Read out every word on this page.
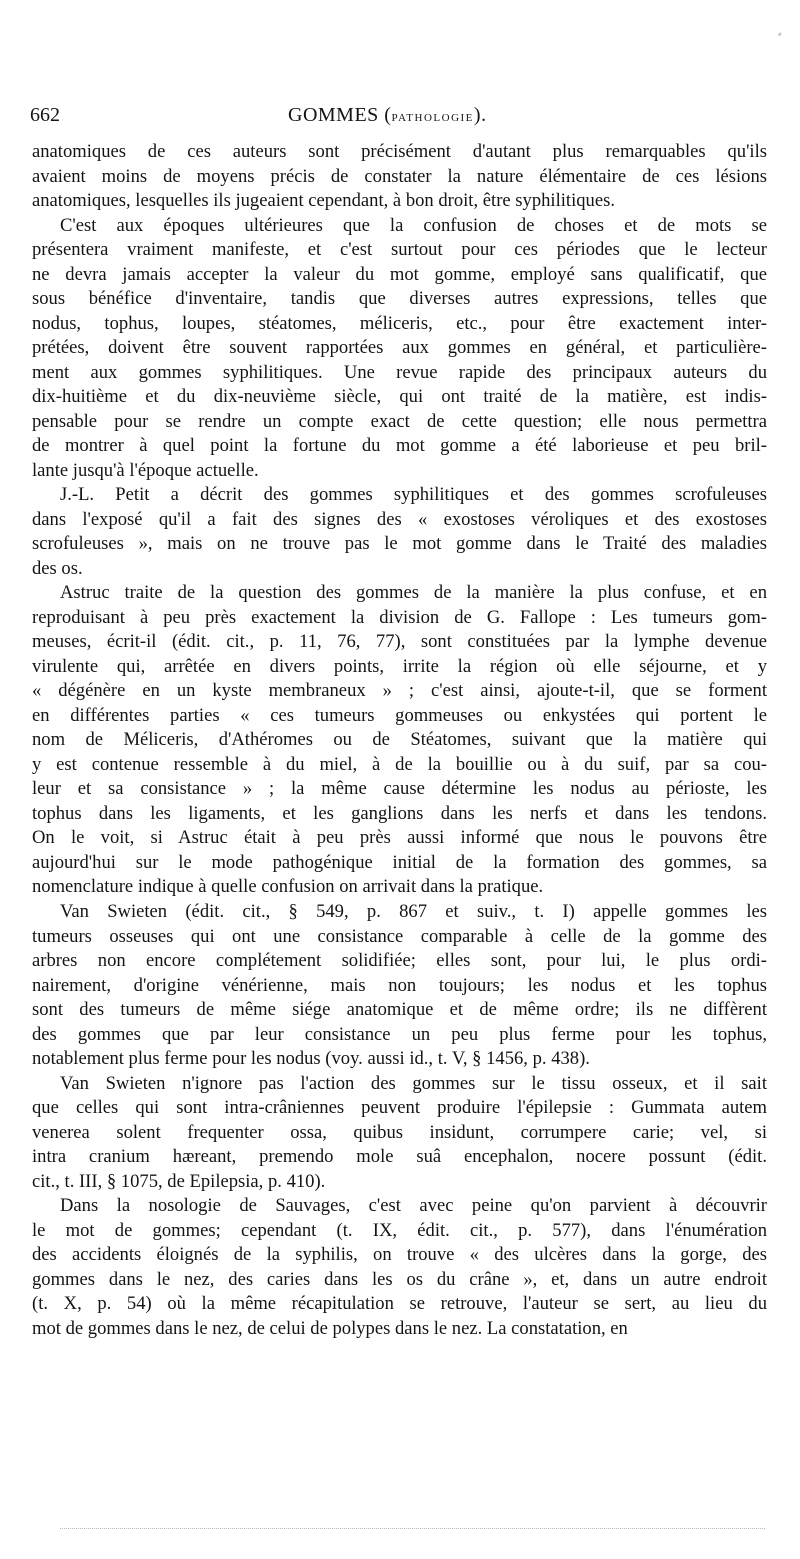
⸗
662	GOMMES (pathologie).
anatomiques de ces auteurs sont précisément d'autant plus remarquables qu'ils
avaient moins de moyens précis de constater la nature élémentaire de ces lésions
anatomiques, lesquelles ils jugeaient cependant, à bon droit, être syphilitiques.
C'est aux époques ultérieures que la confusion de choses et de mots se
présentera vraiment manifeste, et c'est surtout pour ces périodes que le lecteur
ne devra jamais accepter la valeur du mot gomme, employé sans qualificatif, que
sous bénéfice d'inventaire, tandis que diverses autres expressions, telles que
nodus, tophus, loupes, stéatomes, méliceris, etc., pour être exactement inter-
prétées, doivent être souvent rapportées aux gommes en général, et particulière-
ment aux gommes syphilitiques. Une revue rapide des principaux auteurs du
dix-huitième et du dix-neuvième siècle, qui ont traité de la matière, est indis-
pensable pour se rendre un compte exact de cette question; elle nous permettra
de montrer à quel point la fortune du mot gomme a été laborieuse et peu bril-
lante jusqu'à l'époque actuelle.
J.-L. Petit a décrit des gommes syphilitiques et des gommes scrofuleuses
dans l'exposé qu'il a fait des signes des « exostoses véroliques et des exostoses
scrofuleuses », mais on ne trouve pas le mot gomme dans le Traité des maladies
des os.
Astruc traite de la question des gommes de la manière la plus confuse, et en
reproduisant à peu près exactement la division de G. Fallope : Les tumeurs gom-
meuses, écrit-il (édit. cit., p. 11, 76, 77), sont constituées par la lymphe devenue
virulente qui, arrêtée en divers points, irrite la région où elle séjourne, et y
« dégénère en un kyste membraneux » ; c'est ainsi, ajoute-t-il, que se forment
en différentes parties « ces tumeurs gommeuses ou enkystées qui portent le
nom de Méliceris, d'Athéromes ou de Stéatomes, suivant que la matière qui
y est contenue ressemble à du miel, à de la bouillie ou à du suif, par sa cou-
leur et sa consistance » ; la même cause détermine les nodus au périoste, les
tophus dans les ligaments, et les ganglions dans les nerfs et dans les tendons.
On le voit, si Astruc était à peu près aussi informé que nous le pouvons être
aujourd'hui sur le mode pathogénique initial de la formation des gommes, sa
nomenclature indique à quelle confusion on arrivait dans la pratique.
Van Swieten (édit. cit., § 549, p. 867 et suiv., t. I) appelle gommes les
tumeurs osseuses qui ont une consistance comparable à celle de la gomme des
arbres non encore complétement solidifiée; elles sont, pour lui, le plus ordi-
nairement, d'origine vénérienne, mais non toujours; les nodus et les tophus
sont des tumeurs de même siége anatomique et de même ordre; ils ne diffèrent
des gommes que par leur consistance un peu plus ferme pour les tophus,
notablement plus ferme pour les nodus (voy. aussi id., t. V, § 1456, p. 438).
Van Swieten n'ignore pas l'action des gommes sur le tissu osseux, et il sait
que celles qui sont intra-crâniennes peuvent produire l'épilepsie : Gummata autem
venerea solent frequenter ossa, quibus insidunt, corrumpere carie; vel, si
intra cranium hæreant, premendo mole suâ encephalon, nocere possunt (édit.
cit., t. III, § 1075, de Epilepsia, p. 410).
Dans la nosologie de Sauvages, c'est avec peine qu'on parvient à découvrir
le mot de gommes; cependant (t. IX, édit. cit., p. 577), dans l'énumération
des accidents éloignés de la syphilis, on trouve « des ulcères dans la gorge, des
gommes dans le nez, des caries dans les os du crâne », et, dans un autre endroit
(t. X, p. 54) où la même récapitulation se retrouve, l'auteur se sert, au lieu du
mot de gommes dans le nez, de celui de polypes dans le nez. La constatation, en
